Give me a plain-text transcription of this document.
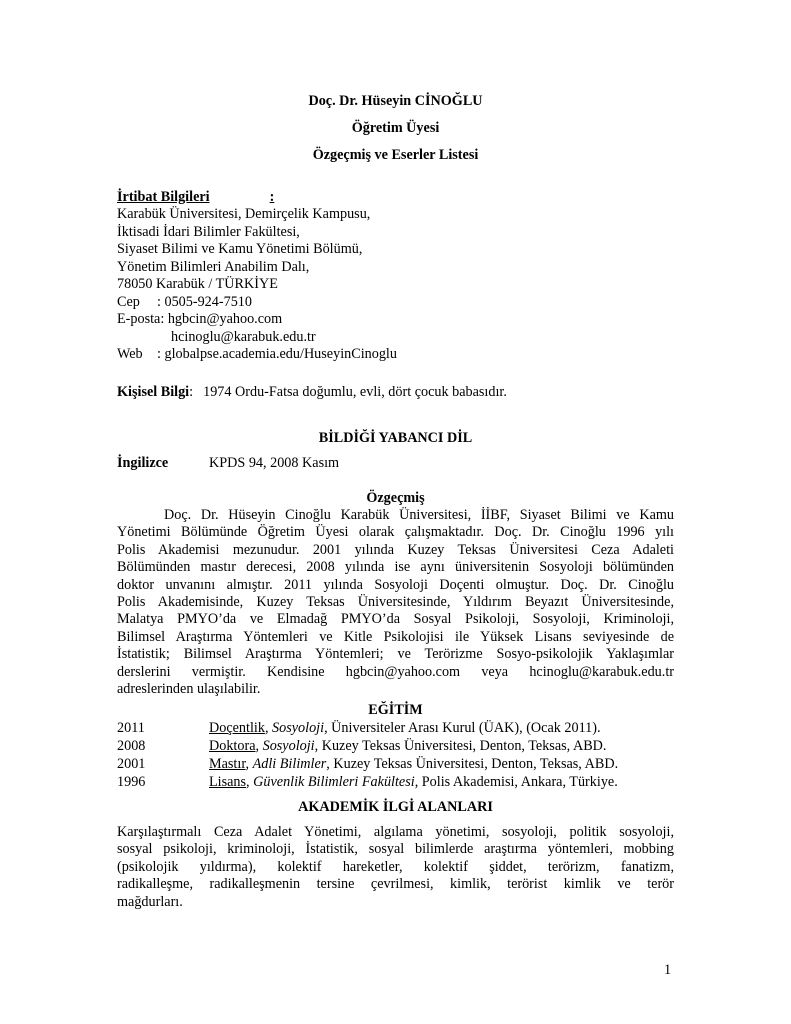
Doç. Dr. Hüseyin CİNOĞLU
Öğretim Üyesi
Özgeçmiş ve Eserler Listesi
İrtibat Bilgileri	:
Karabük Üniversitesi, Demirçelik Kampusu,
İktisadi İdari Bilimler Fakültesi,
Siyaset Bilimi ve Kamu Yönetimi Bölümü,
Yönetim Bilimleri Anabilim Dalı,
78050 Karabük / TÜRKİYE
Cep : 0505-924-7510
E-posta: hgbcin@yahoo.com
hcinoglu@karabuk.edu.tr
Web : globalpse.academia.edu/HuseyinCinoglu
Kişisel Bilgi: 1974 Ordu-Fatsa doğumlu, evli, dört çocuk babasıdır.
BİLDİĞİ YABANCI DİL
İngilizce	KPDS 94, 2008 Kasım
Özgeçmiş
Doç. Dr. Hüseyin Cinoğlu Karabük Üniversitesi, İİBF, Siyaset Bilimi ve Kamu
Yönetimi Bölümünde Öğretim Üyesi olarak çalışmaktadır. Doç. Dr. Cinoğlu 1996 yılı
Polis Akademisi mezunudur. 2001 yılında Kuzey Teksas Üniversitesi Ceza Adaleti
Bölümünden mastır derecesi, 2008 yılında ise aynı üniversitenin Sosyoloji bölümünden
doktor unvanını almıştır. 2011 yılında Sosyoloji Doçenti olmuştur. Doç. Dr. Cinoğlu
Polis Akademisinde, Kuzey Teksas Üniversitesinde, Yıldırım Beyazıt Üniversitesinde,
Malatya PMYO’da ve Elmadağ PMYO’da Sosyal Psikoloji, Sosyoloji, Kriminoloji,
Bilimsel Araştırma Yöntemleri ve Kitle Psikolojisi ile Yüksek Lisans seviyesinde de
İstatistik; Bilimsel Araştırma Yöntemleri; ve Terörizme Sosyo-psikolojik Yaklaşımlar
derslerini vermiştir. Kendisine hgbcin@yahoo.com veya hcinoglu@karabuk.edu.tr
adreslerinden ulaşılabilir.
EĞİTİM
2011	Doçentlik, Sosyoloji, Üniversiteler Arası Kurul (ÜAK), (Ocak 2011).
2008	Doktora, Sosyoloji, Kuzey Teksas Üniversitesi, Denton, Teksas, ABD.
2001	Mastır, Adli Bilimler, Kuzey Teksas Üniversitesi, Denton, Teksas, ABD.
1996	Lisans, Güvenlik Bilimleri Fakültesi, Polis Akademisi, Ankara, Türkiye.
AKADEMİK İLGİ ALANLARI
Karşılaştırmalı Ceza Adalet Yönetimi, algılama yönetimi, sosyoloji, politik sosyoloji,
sosyal psikoloji, kriminoloji, İstatistik, sosyal bilimlerde araştırma yöntemleri, mobbing
(psikolojik yıldırma), kolektif hareketler, kolektif şiddet, terörizm, fanatizm,
radikalleşme, radikalleşmenin tersine çevrilmesi, kimlik, terörist kimlik ve terör
mağdurları.
1
